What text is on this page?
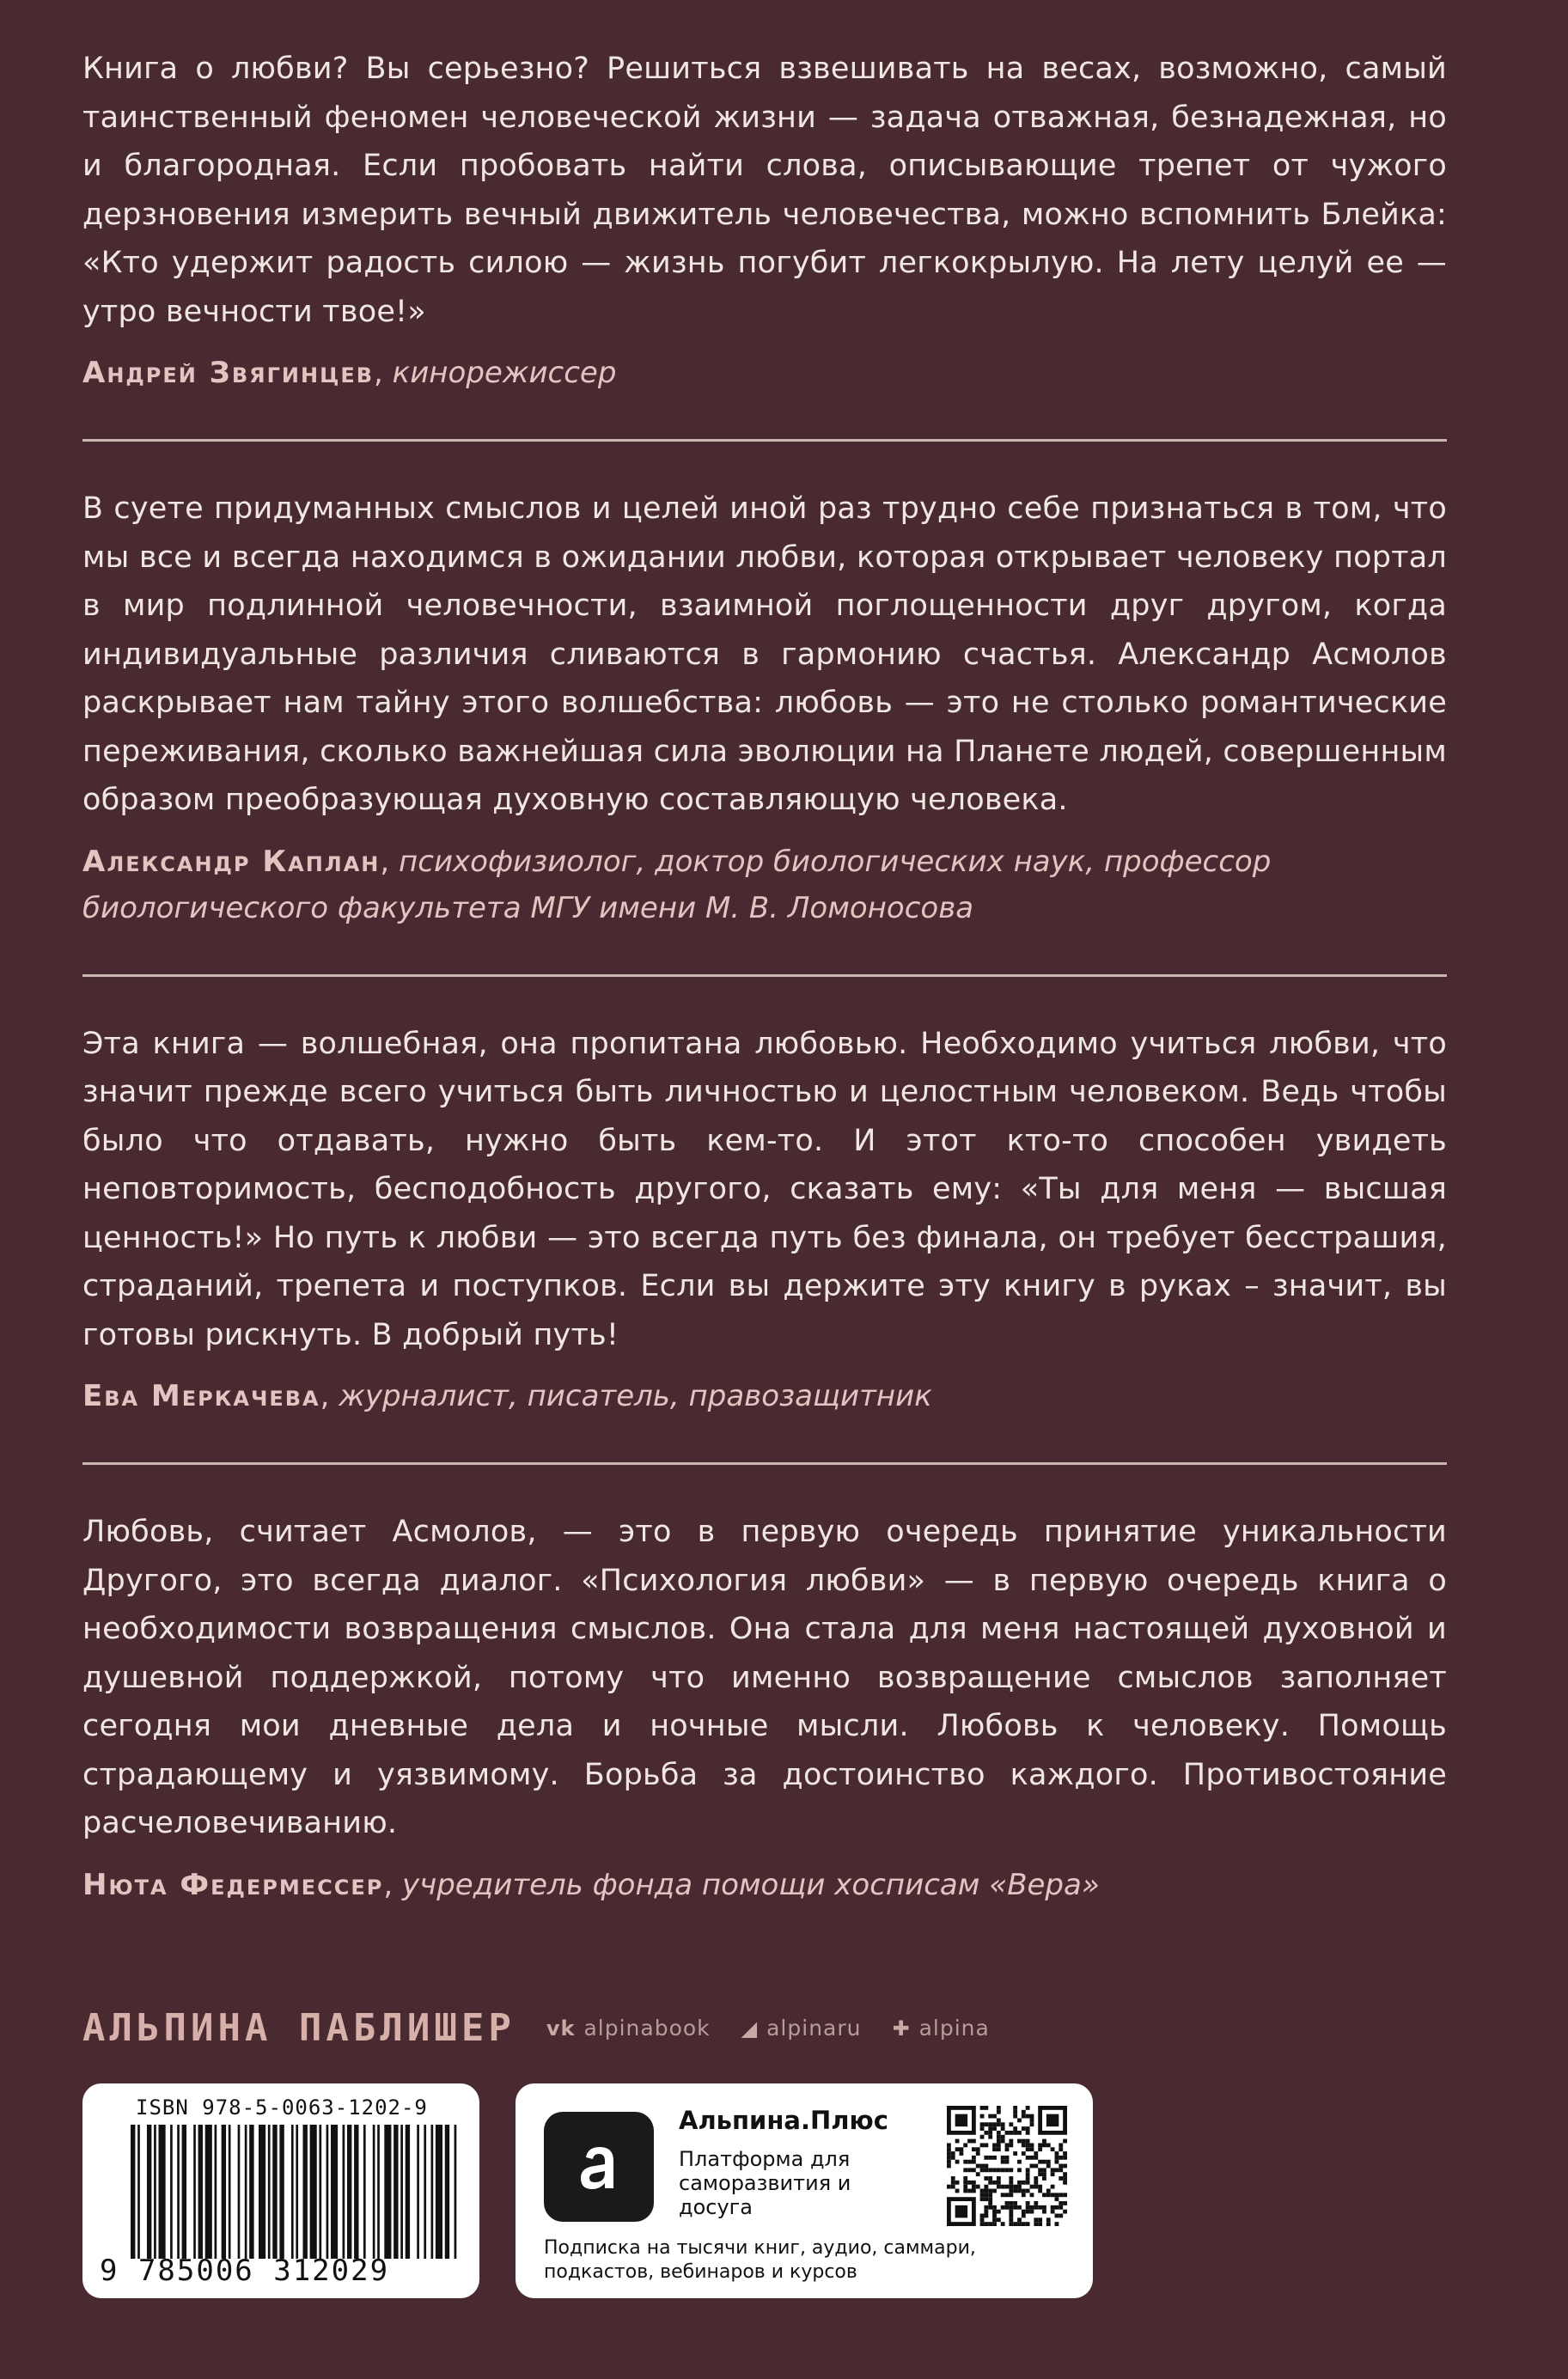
Книга о любви? Вы серьезно? Решиться взвешивать на весах, возможно, самый таинственный феномен человеческой жизни — задача отважная, безнадежная, но и благородная. Если пробовать найти слова, описывающие трепет от чужого дерзновения измерить вечный движитель человечества, можно вспомнить Блейка: «Кто удержит радость силою — жизнь погубит легкокрылую. На лету целуй ее — утро вечности твое!»

Андрей Звягинцев, кинорежиссер

В суете придуманных смыслов и целей иной раз трудно себе признаться в том, что мы все и всегда находимся в ожидании любви, которая открывает человеку портал в мир подлинной человечности, взаимной поглощенности друг другом, когда индивидуальные различия сливаются в гармонию счастья. Александр Асмолов раскрывает нам тайну этого волшебства: любовь — это не столько романтические переживания, сколько важнейшая сила эволюции на Планете людей, совершенным образом преобразующая духовную составляющую человека.

Александр Каплан, психофизиолог, доктор биологических наук, профессор биологического факультета МГУ имени М. В. Ломоносова

Эта книга — волшебная, она пропитана любовью. Необходимо учиться любви, что значит прежде всего учиться быть личностью и целостным человеком. Ведь чтобы было что отдавать, нужно быть кем-то. И этот кто-то способен увидеть неповторимость, бесподобность другого, сказать ему: «Ты для меня — высшая ценность!» Но путь к любви — это всегда путь без финала, он требует бесстрашия, страданий, трепета и поступков. Если вы держите эту книгу в руках – значит, вы готовы рискнуть. В добрый путь!

Ева Меркачева, журналист, писатель, правозащитник

Любовь, считает Асмолов, — это в первую очередь принятие уникальности Другого, это всегда диалог. «Психология любви» — в первую очередь книга о необходимости возвращения смыслов. Она стала для меня настоящей духовной и душевной поддержкой, потому что именно возвращение смыслов заполняет сегодня мои дневные дела и ночные мысли. Любовь к человеку. Помощь страдающему и уязвимому. Борьба за достоинство каждого. Противостояние расчеловечиванию.

Нюта Федермессер, учредитель фонда помощи хосписам «Вера»

АЛЬПИНА ПАБЛИШЕР vk alpinabook ◢ alpinaru ✚ alpina
ISBN 978-5-0063-1202-9
9 785006 312029
Альпина.Плюс
Платформа для саморазвития и досуга
Подписка на тысячи книг, аудио, саммари, подкастов, вебинаров и курсов
